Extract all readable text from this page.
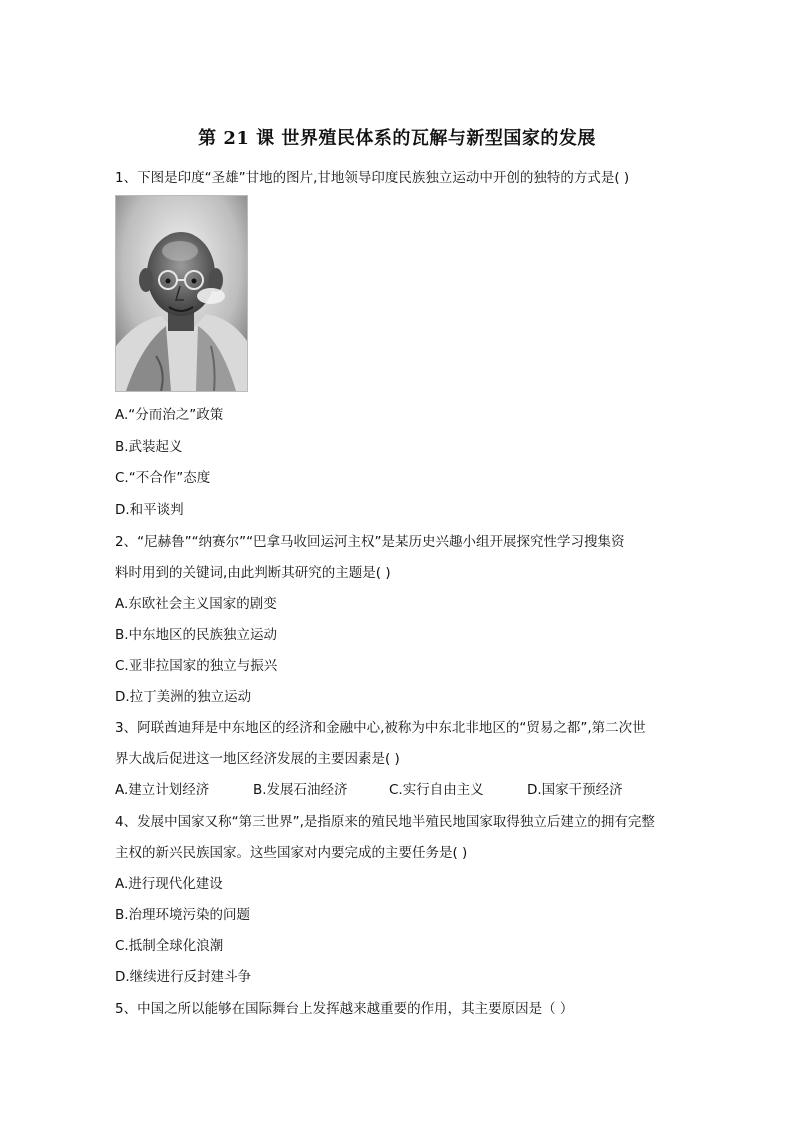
第 21 课 世界殖民体系的瓦解与新型国家的发展
1、下图是印度“圣雄”甘地的图片,甘地领导印度民族独立运动中开创的独特的方式是( )
A.“分而治之”政策
B.武装起义
C.“不合作”态度
D.和平谈判
2、“尼赫鲁”“纳赛尔”“巴拿马收回运河主权”是某历史兴趣小组开展探究性学习搜集资
料时用到的关键词,由此判断其研究的主题是( )
A.东欧社会主义国家的剧变
B.中东地区的民族独立运动
C.亚非拉国家的独立与振兴
D.拉丁美洲的独立运动
3、阿联酋迪拜是中东地区的经济和金融中心,被称为中东北非地区的“贸易之都”,第二次世
界大战后促进这一地区经济发展的主要因素是( )
A.建立计划经济	B.发展石油经济	C.实行自由主义	D.国家干预经济
4、发展中国家又称“第三世界”,是指原来的殖民地半殖民地国家取得独立后建立的拥有完整
主权的新兴民族国家。这些国家对内要完成的主要任务是( )
A.进行现代化建设
B.治理环境污染的问题
C.抵制全球化浪潮
D.继续进行反封建斗争
5、中国之所以能够在国际舞台上发挥越来越重要的作用，其主要原因是（ ）
